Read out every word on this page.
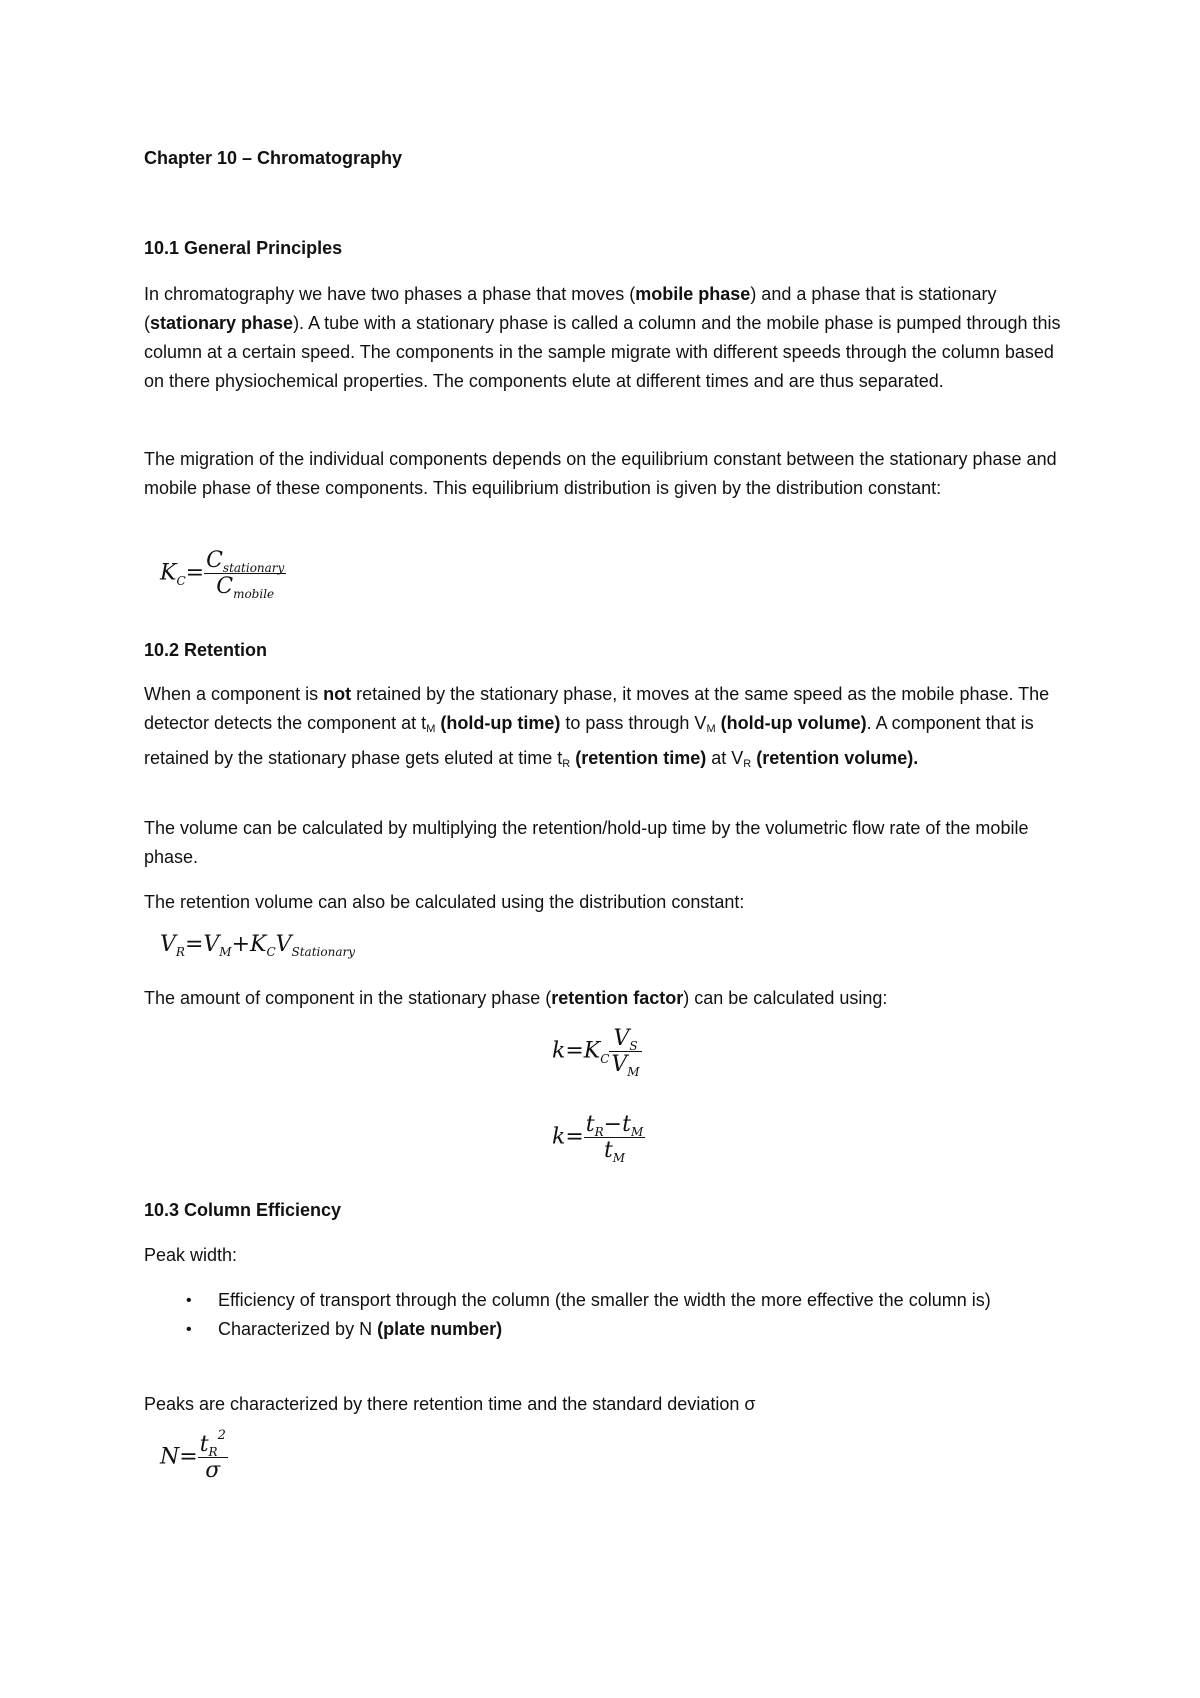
Chapter 10 – Chromatography

10.1 General Principles

In chromatography we have two phases a phase that moves (mobile phase) and a phase that is stationary (stationary phase). A tube with a stationary phase is called a column and the mobile phase is pumped through this column at a certain speed. The components in the sample migrate with different speeds through the column based on there physiochemical properties. The components elute at different times and are thus separated.

The migration of the individual components depends on the equilibrium constant between the stationary phase and mobile phase of these components. This equilibrium distribution is given by the distribution constant:

$K_C= \frac{C_{stationary}}{C_{mobile}}$

10.2 Retention

When a component is not retained by the stationary phase, it moves at the same speed as the mobile phase. The detector detects the component at $t_M$ (hold-up time) to pass through $V_M$ (hold-up volume). A component that is retained by the stationary phase gets eluted at time $t_R$ (retention time) at $V_R$ (retention volume).

The volume can be calculated by multiplying the retention/hold-up time by the volumetric flow rate of the mobile phase.

The retention volume can also be calculated using the distribution constant:

$V_R=V_M+K_CV_{Stationary}$

The amount of component in the stationary phase (retention factor) can be calculated using:

$k=K_C \frac{V_S}{V_M}$
$k= \frac{t_R-t_M}{t_M}$

10.3 Column Efficiency

Peak width:

• Efficiency of transport through the column (the smaller the width the more effective the column is)
• Characterized by N (plate number)

Peaks are characterized by there retention time and the standard deviation σ

$N= \frac{t_R^2}{\sigma}$
